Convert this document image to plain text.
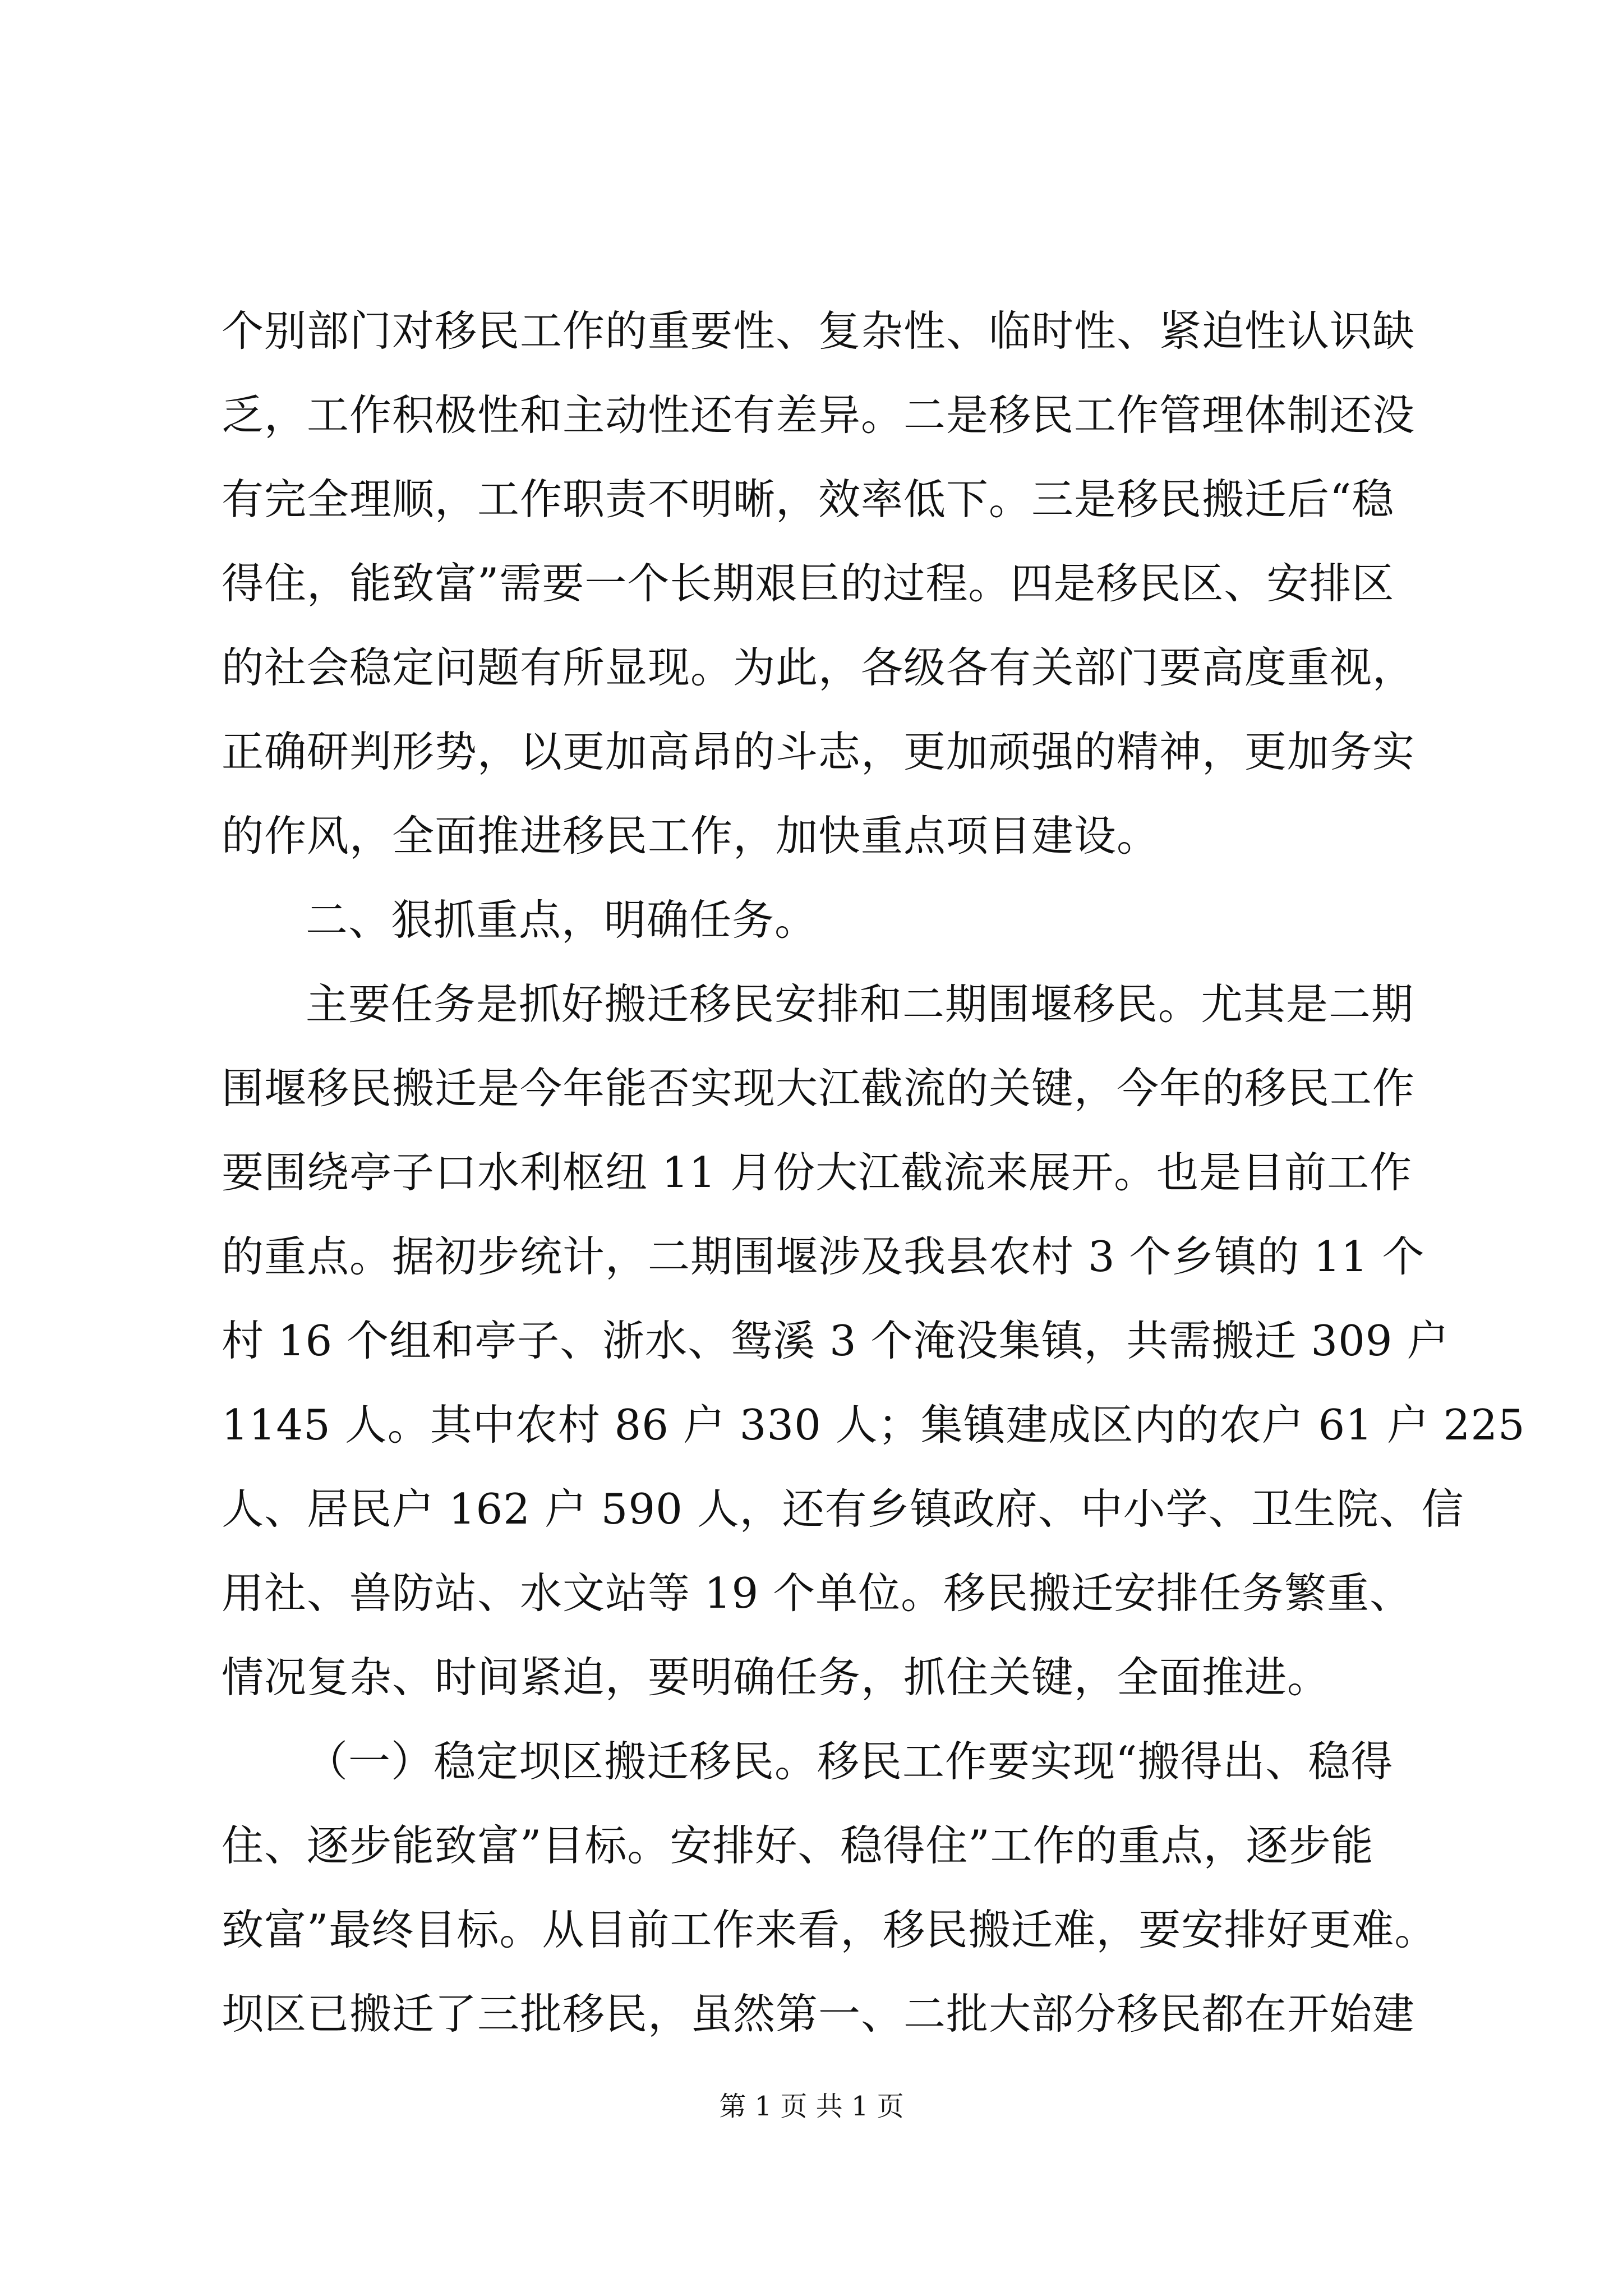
个别部门对移民工作的重要性、复杂性、临时性、紧迫性认识缺
乏，工作积极性和主动性还有差异。二是移民工作管理体制还没
有完全理顺，工作职责不明晰，效率低下。三是移民搬迁后“稳
得住，能致富”需要一个长期艰巨的过程。四是移民区、安排区
的社会稳定问题有所显现。为此，各级各有关部门要高度重视，
正确研判形势，以更加高昂的斗志，更加顽强的精神，更加务实
的作风，全面推进移民工作，加快重点项目建设。
二、狠抓重点，明确任务。
主要任务是抓好搬迁移民安排和二期围堰移民。尤其是二期
围堰移民搬迁是今年能否实现大江截流的关键，今年的移民工作
要围绕亭子口水利枢纽 11 月份大江截流来展开。也是目前工作
的重点。据初步统计，二期围堰涉及我县农村 3 个乡镇的 11 个
村 16 个组和亭子、浙水、鸳溪 3 个淹没集镇，共需搬迁 309 户
1145 人。其中农村 86 户 330 人；集镇建成区内的农户 61 户 225
人、居民户 162 户 590 人，还有乡镇政府、中小学、卫生院、信
用社、兽防站、水文站等 19 个单位。移民搬迁安排任务繁重、
情况复杂、时间紧迫，要明确任务，抓住关键，全面推进。
（一）稳定坝区搬迁移民。移民工作要实现“搬得出、稳得
住、逐步能致富”目标。安排好、稳得住”工作的重点，逐步能
致富”最终目标。从目前工作来看，移民搬迁难，要安排好更难。
坝区已搬迁了三批移民，虽然第一、二批大部分移民都在开始建
第 1 页 共 1 页
